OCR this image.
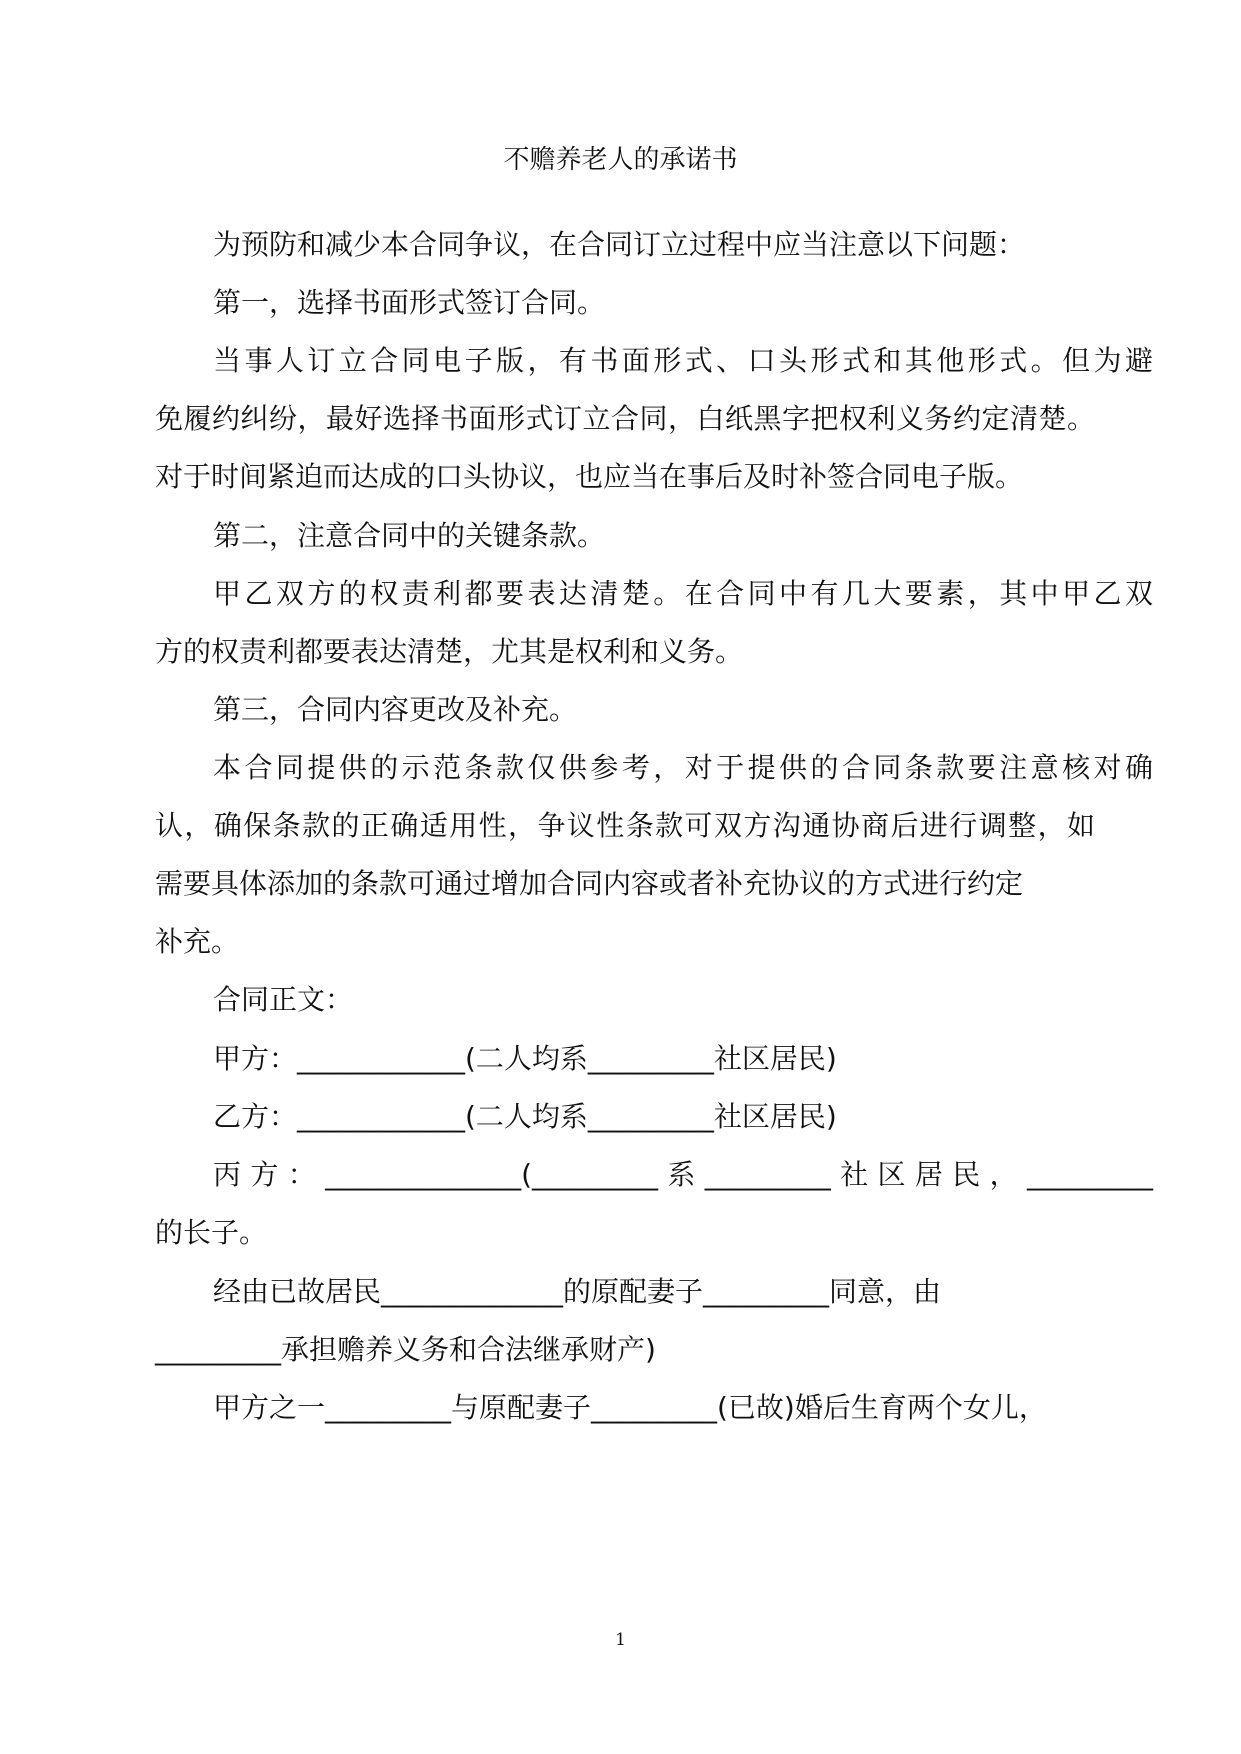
不赡养老人的承诺书
为预防和减少本合同争议，在合同订立过程中应当注意以下问题：
第一，选择书面形式签订合同。
当事人订立合同电子版，有书面形式、口头形式和其他形式。但为避
免履约纠纷，最好选择书面形式订立合同，白纸黑字把权利义务约定清楚。
对于时间紧迫而达成的口头协议，也应当在事后及时补签合同电子版。
第二，注意合同中的关键条款。
甲乙双方的权责利都要表达清楚。在合同中有几大要素，其中甲乙双
方的权责利都要表达清楚，尤其是权利和义务。
第三，合同内容更改及补充。
本合同提供的示范条款仅供参考，对于提供的合同条款要注意核对确
认，确保条款的正确适用性，争议性条款可双方沟通协商后进行调整，如
需要具体添加的条款可通过增加合同内容或者补充协议的方式进行约定
补充。
合同正文：
甲方：____________(二人均系_________社区居民)
乙方：____________(二人均系_________社区居民)
丙方：______________(_________系_________社区居民，_________
的长子。
经由已故居民_____________的原配妻子_________同意，由
_________承担赡养义务和合法继承财产)
甲方之一_________与原配妻子_________(已故)婚后生育两个女儿，
1
